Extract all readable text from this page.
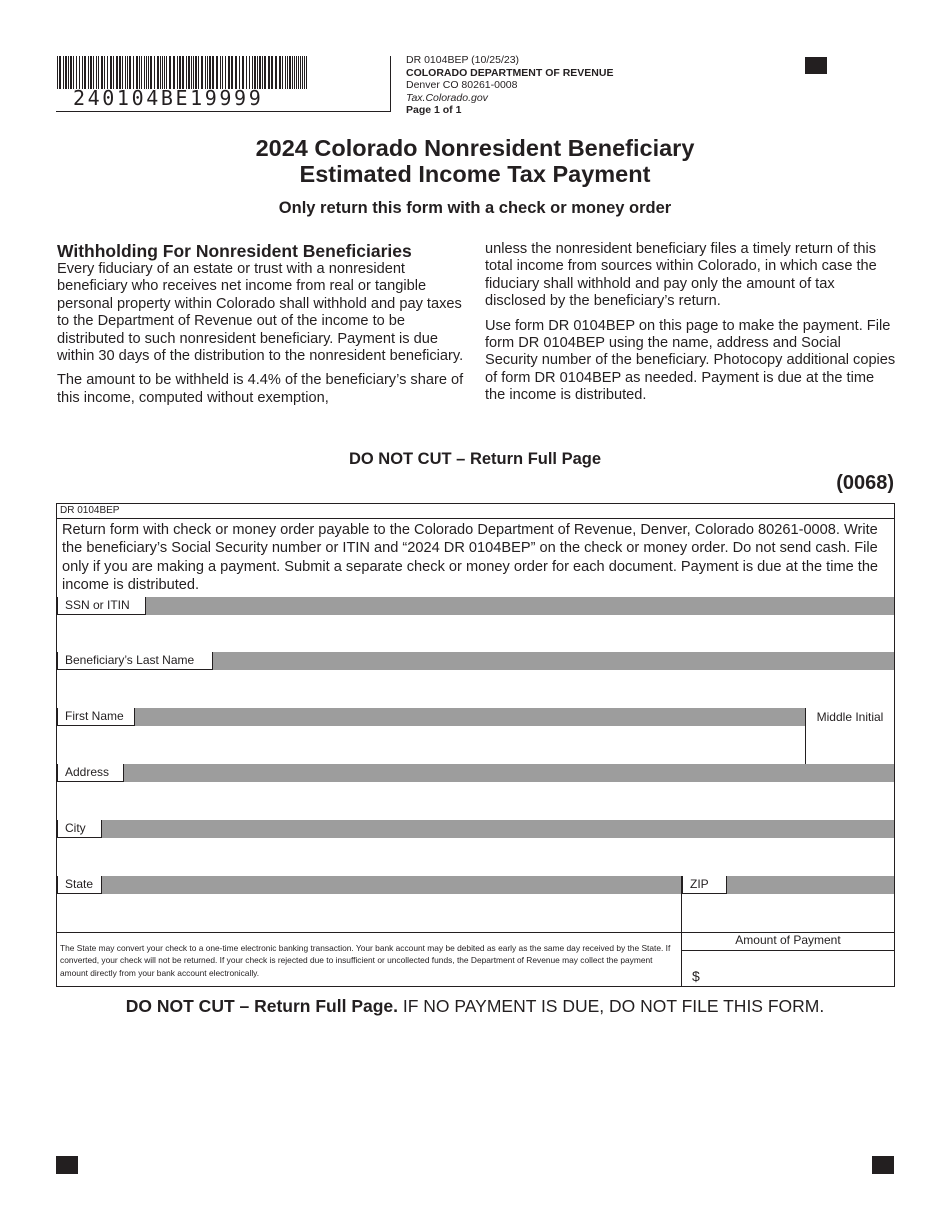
240104BE19999
DR 0104BEP (10/25/23)
COLORADO DEPARTMENT OF REVENUE
Denver CO 80261-0008
Tax.Colorado.gov
Page 1 of 1
2024 Colorado Nonresident Beneficiary
Estimated Income Tax Payment
Only return this form with a check or money order
Withholding For Nonresident Beneficiaries

Every fiduciary of an estate or trust with a nonresident beneficiary who receives net income from real or tangible personal property within Colorado shall withhold and pay taxes to the Department of Revenue out of the income to be distributed to such nonresident beneficiary. Payment is due within 30 days of the distribution to the nonresident beneficiary.

The amount to be withheld is 4.4% of the beneficiary’s share of this income, computed without exemption,

unless the nonresident beneficiary files a timely return of this total income from sources within Colorado, in which case the fiduciary shall withhold and pay only the amount of tax disclosed by the beneficiary’s return.

Use form DR 0104BEP on this page to make the payment. File form DR 0104BEP using the name, address and Social Security number of the beneficiary. Photocopy additional copies of form DR 0104BEP as needed. Payment is due at the time the income is distributed.

DO NOT CUT – Return Full Page
(0068)
DR 0104BEP
Return form with check or money order payable to the Colorado Department of Revenue, Denver, Colorado 80261-0008. Write the beneficiary’s Social Security number or ITIN and “2024 DR 0104BEP” on the check or money order. Do not send cash. File only if you are making a payment. Submit a separate check or money order for each document. Payment is due at the time the income is distributed.
SSN or ITIN
Beneficiary’s Last Name
First Name	Middle Initial
Address
City
State	ZIP
The State may convert your check to a one-time electronic banking transaction. Your bank account may be debited as early as the same day received by the State. If converted, your check will not be returned. If your check is rejected due to insufficient or uncollected funds, the Department of Revenue may collect the payment amount directly from your bank account electronically.
Amount of Payment
$
DO NOT CUT – Return Full Page. IF NO PAYMENT IS DUE, DO NOT FILE THIS FORM.
